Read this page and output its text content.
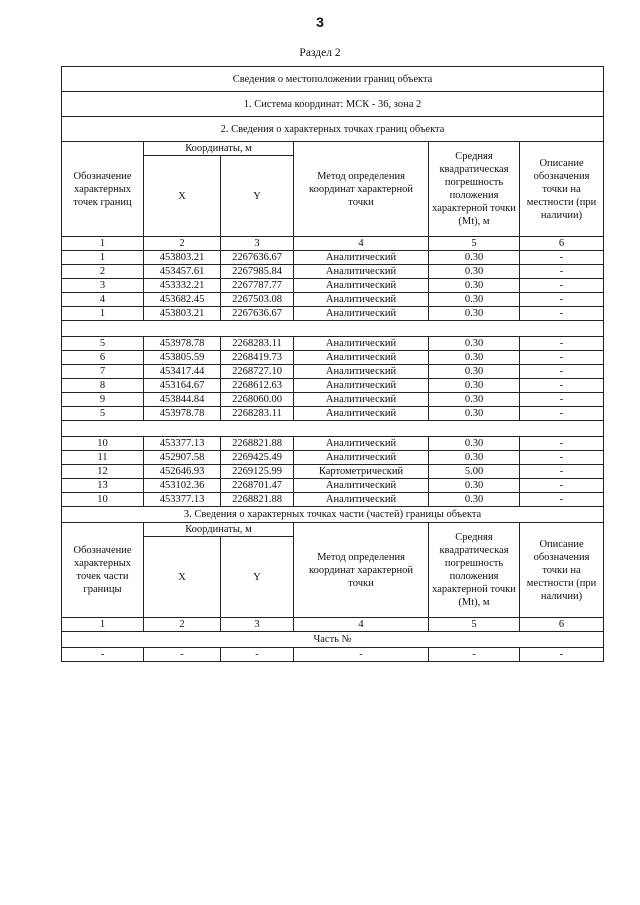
3
Раздел 2
Сведения о местоположении границ объекта					
1. Система координат: МСК - 36, зона 2					
2. Сведения о характерных точках границ объекта					
Обозначение характерных точек границ	Координаты, м		Метод определения координат характерной точки	Средняя квадратическая погрешность положения характерной точки (Mt), м	Описание обозначения точки на местности (при наличии)
	X	Y			
1	2	3	4	5	6
1	453803.21	2267636.67	Аналитический	0.30	-
2	453457.61	2267985.84	Аналитический	0.30	-
3	453332.21	2267787.77	Аналитический	0.30	-
4	453682.45	2267503.08	Аналитический	0.30	-
1	453803.21	2267636.67	Аналитический	0.30	-

5	453978.78	2268283.11	Аналитический	0.30	-
6	453805.59	2268419.73	Аналитический	0.30	-
7	453417.44	2268727.10	Аналитический	0.30	-
8	453164.67	2268612.63	Аналитический	0.30	-
9	453844.84	2268060.00	Аналитический	0.30	-
5	453978.78	2268283.11	Аналитический	0.30	-

10	453377.13	2268821.88	Аналитический	0.30	-
11	452907.58	2269425.49	Аналитический	0.30	-
12	452646.93	2269125.99	Картометрический	5.00	-
13	453102.36	2268701.47	Аналитический	0.30	-
10	453377.13	2268821.88	Аналитический	0.30	-
3. Сведения о характерных точках части (частей) границы объекта					
Обозначение характерных точек части границы	Координаты, м		Метод определения координат характерной точки	Средняя квадратическая погрешность положения характерной точки (Mt), м	Описание обозначения точки на местности (при наличии)
	X	Y			
1	2	3	4	5	6
Часть №					
-	-	-	-	-	-
